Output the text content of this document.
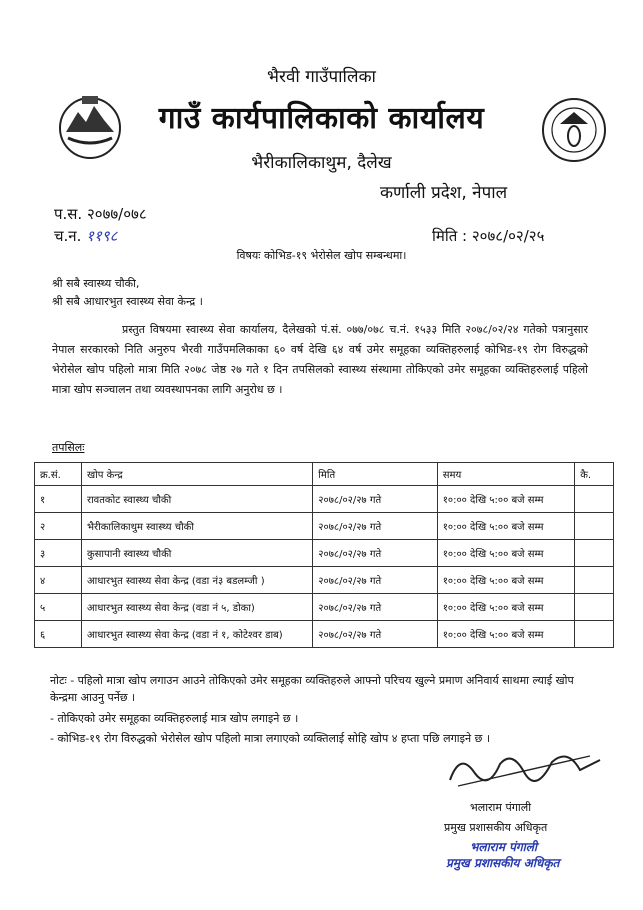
भैरवी गाउँपालिका
गाउँ कार्यपालिकाको कार्यालय
भैरीकालिकाथुम, दैलेख
कर्णाली प्रदेश, नेपाल
प.स. २०७७/०७८
च.न. ११९८	मिति : २०७८/०२/२५
विषयः कोभिड-१९ भेरोसेल खोप सम्बन्धमा।
श्री सबै स्वास्थ्य चौकी,
श्री सबै आधारभुत स्वास्थ्य सेवा केन्द्र ।
प्रस्तुत विषयमा स्वास्थ्य सेवा कार्यालय, दैलेखको पं.सं. ०७७/०७८ च.नं. १५३३ मिति २०७८/०२/२४ गतेको पत्रानुसार नेपाल सरकारको निति अनुरुप भैरवी गाउँपमलिकाका ६० वर्ष देखि ६४ वर्ष उमेर समूहका व्यक्तिहरुलाई कोभिड-१९ रोग विरुद्धको भेरोसेल खोप पहिलो मात्रा मिति २०७८ जेष्ठ २७ गते १ दिन तपसिलको स्वास्थ्य संस्थामा तोकिएको उमेर समूहका व्यक्तिहरुलाई पहिलो मात्रा खोप सञ्चालन तथा व्यवस्थापनका लागि अनुरोध छ ।
तपसिलः
क्र.सं.	खोप केन्द्र	मिति	समय	कै.
१	रावतकोट स्वास्थ्य चौकी	२०७८/०२/२७ गते	१०:०० देखि ५:०० बजे सम्म	
२	भैरीकालिकाथुम स्वास्थ्य चौकी	२०७८/०२/२७ गते	१०:०० देखि ५:०० बजे सम्म	
३	कुसापानी स्वास्थ्य चौकी	२०७८/०२/२७ गते	१०:०० देखि ५:०० बजे सम्म	
४	आधारभुत स्वास्थ्य सेवा केन्द्र (वडा नं३ बडलम्जी )	२०७८/०२/२७ गते	१०:०० देखि ५:०० बजे सम्म	
५	आधारभुत स्वास्थ्य सेवा केन्द्र (वडा नं ५, डोका)	२०७८/०२/२७ गते	१०:०० देखि ५:०० बजे सम्म	
६	आधारभुत स्वास्थ्य सेवा केन्द्र (वडा नं १, कोटेश्वर डाब)	२०७८/०२/२७ गते	१०:०० देखि ५:०० बजे सम्म	
नोटः - पहिलो मात्रा खोप लगाउन आउने तोकिएको उमेर समूहका व्यक्तिहरुले आफ्नो परिचय खुल्ने प्रमाण अनिवार्य साथमा ल्याई खोप केन्द्रमा आउनु पर्नेछ ।
- तोकिएको उमेर समूहका व्यक्तिहरुलाई मात्र खोप लगाइने छ ।
- कोभिड-१९ रोग विरुद्धको भेरोसेल खोप पहिलो मात्रा लगाएको व्यक्तिलाई सोहि खोप ४ हप्ता पछि लगाइने छ ।
भलाराम पंगाली
प्रमुख प्रशासकीय अधिकृत
भलाराम पंगाली
प्रमुख प्रशासकीय अधिकृत
